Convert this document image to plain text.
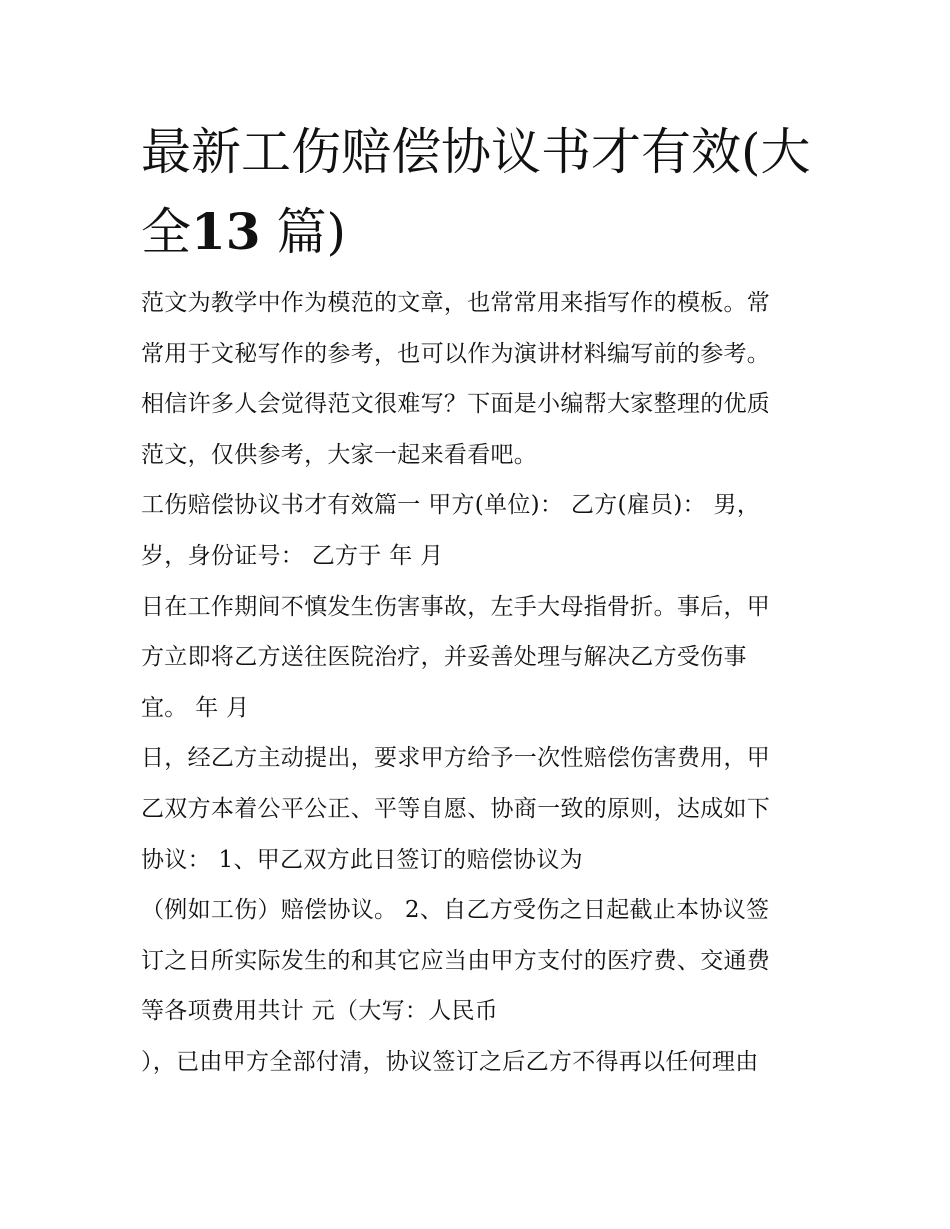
最新工伤赔偿协议书才有效(大
全13 篇)
范文为教学中作为模范的文章，也常常用来指写作的模板。常
常用于文秘写作的参考，也可以作为演讲材料编写前的参考。
相信许多人会觉得范文很难写？下面是小编帮大家整理的优质
范文，仅供参考，大家一起来看看吧。
工伤赔偿协议书才有效篇一 甲方(单位)： 乙方(雇员)： 男，
岁，身份证号： 乙方于 年 月
日在工作期间不慎发生伤害事故，左手大母指骨折。事后，甲
方立即将乙方送往医院治疗，并妥善处理与解决乙方受伤事
宜。 年 月
日，经乙方主动提出，要求甲方给予一次性赔偿伤害费用，甲
乙双方本着公平公正、平等自愿、协商一致的原则，达成如下
协议： 1、甲乙双方此日签订的赔偿协议为
（例如工伤）赔偿协议。 2、自乙方受伤之日起截止本协议签
订之日所实际发生的和其它应当由甲方支付的医疗费、交通费
等各项费用共计 元（大写：人民币
），已由甲方全部付清，协议签订之后乙方不得再以任何理由
